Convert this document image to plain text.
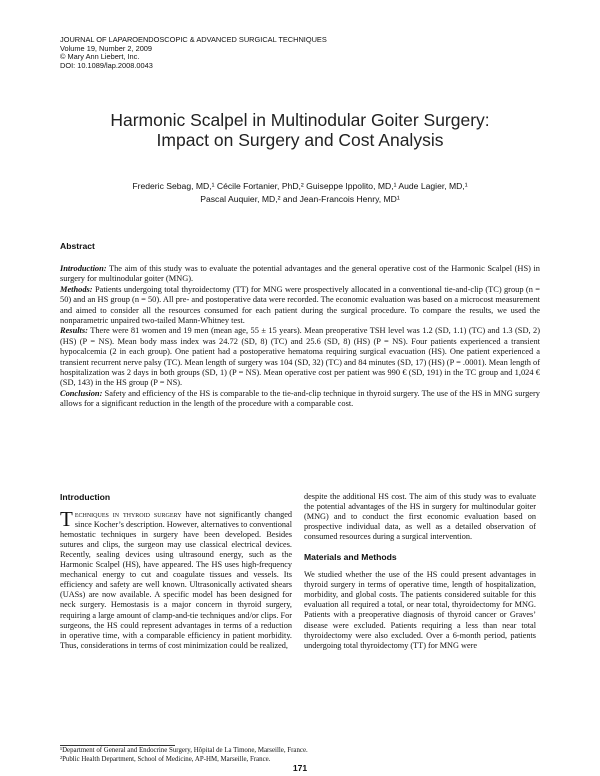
JOURNAL OF LAPAROENDOSCOPIC & ADVANCED SURGICAL TECHNIQUES
Volume 19, Number 2, 2009
© Mary Ann Liebert, Inc.
DOI: 10.1089/lap.2008.0043
Harmonic Scalpel in Multinodular Goiter Surgery:
Impact on Surgery and Cost Analysis
Frederic Sebag, MD,¹ Cécile Fortanier, PhD,² Guiseppe Ippolito, MD,¹ Aude Lagier, MD,¹
Pascal Auquier, MD,² and Jean-Francois Henry, MD¹
Abstract

Introduction: The aim of this study was to evaluate the potential advantages and the general operative cost of the Harmonic Scalpel (HS) in surgery for multinodular goiter (MNG).

Methods: Patients undergoing total thyroidectomy (TT) for MNG were prospectively allocated in a conventional tie-and-clip (TC) group (n = 50) and an HS group (n = 50). All pre- and postoperative data were recorded. The economic evaluation was based on a microcost measurement and aimed to consider all the resources consumed for each patient during the surgical procedure. To compare the results, we used the nonparametric unpaired two-tailed Mann-Whitney test.

Results: There were 81 women and 19 men (mean age, 55 ± 15 years). Mean preoperative TSH level was 1.2 (SD, 1.1) (TC) and 1.3 (SD, 2) (HS) (P = NS). Mean body mass index was 24.72 (SD, 8) (TC) and 25.6 (SD, 8) (HS) (P = NS). Four patients experienced a transient hypocalcemia (2 in each group). One patient had a postoperative hematoma requiring surgical evacuation (HS). One patient experienced a transient recurrent nerve palsy (TC). Mean length of surgery was 104 (SD, 32) (TC) and 84 minutes (SD, 17) (HS) (P = .0001). Mean length of hospitalization was 2 days in both groups (SD, 1) (P = NS). Mean operative cost per patient was 990 € (SD, 191) in the TC group and 1,024 € (SD, 143) in the HS group (P = NS).

Conclusion: Safety and efficiency of the HS is comparable to the tie-and-clip technique in thyroid surgery. The use of the HS in MNG surgery allows for a significant reduction in the length of the procedure with a comparable cost.

Introduction

Techniques in thyroid surgery have not significantly changed since Kocher’s description. However, alternatives to conventional hemostatic techniques in surgery have been developed. Besides sutures and clips, the surgeon may use classical electrical devices. Recently, sealing devices using ultrasound energy, such as the Harmonic Scalpel (HS), have appeared. The HS uses high-frequency mechanical energy to cut and coagulate tissues and vessels. Its efficiency and safety are well known. Ultrasonically activated shears (UASs) are now available. A specific model has been designed for neck surgery. Hemostasis is a major concern in thyroid surgery, requiring a large amount of clamp-and-tie techniques and/or clips. For surgeons, the HS could represent advantages in terms of a reduction in operative time, with a comparable efficiency in patient morbidity. Thus, considerations in terms of cost minimization could be realized,

despite the additional HS cost. The aim of this study was to evaluate the potential advantages of the HS in surgery for multinodular goiter (MNG) and to conduct the first economic evaluation based on prospective individual data, as well as a detailed observation of consumed resources during a surgical intervention.

Materials and Methods

We studied whether the use of the HS could present advantages in thyroid surgery in terms of operative time, length of hospitalization, morbidity, and global costs. The patients considered suitable for this evaluation all required a total, or near total, thyroidectomy for MNG. Patients with a preoperative diagnosis of thyroid cancer or Graves’ disease were excluded. Patients requiring a less than near total thyroidectomy were also excluded. Over a 6-month period, patients undergoing total thyroidectomy (TT) for MNG were

¹Department of General and Endocrine Surgery, Hôpital de La Timone, Marseille, France.
²Public Health Department, School of Medicine, AP-HM, Marseille, France.
171
